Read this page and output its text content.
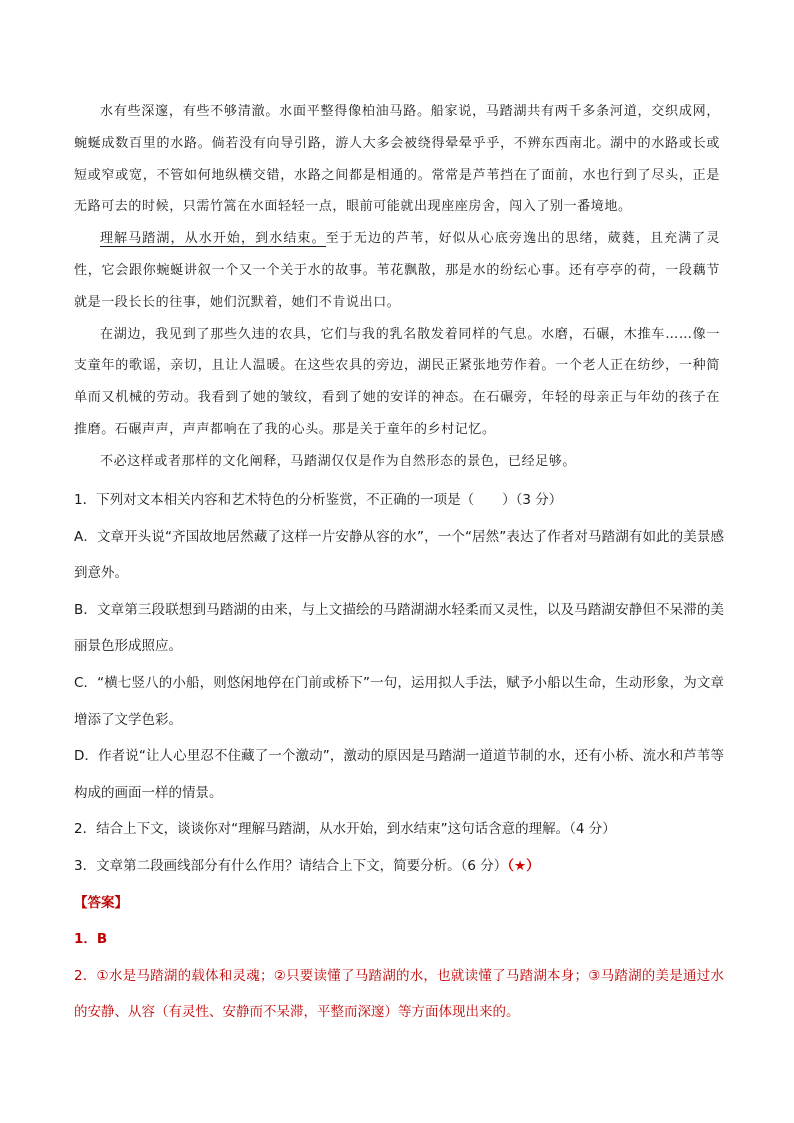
水有些深邃，有些不够清澈。水面平整得像柏油马路。船家说，马踏湖共有两千多条河道，交织成网，蜿蜒成数百里的水路。倘若没有向导引路，游人大多会被绕得晕晕乎乎，不辨东西南北。湖中的水路或长或短或窄或宽，不管如何地纵横交错，水路之间都是相通的。常常是芦苇挡在了面前，水也行到了尽头，正是无路可去的时候，只需竹篙在水面轻轻一点，眼前可能就出现座座房舍，闯入了别一番境地。

理解马踏湖，从水开始，到水结束。至于无边的芦苇，好似从心底旁逸出的思绪，葳蕤，且充满了灵性，它会跟你蜿蜒讲叙一个又一个关于水的故事。苇花飘散，那是水的纷纭心事。还有亭亭的荷，一段藕节就是一段长长的往事，她们沉默着，她们不肯说出口。

在湖边，我见到了那些久违的农具，它们与我的乳名散发着同样的气息。水磨，石碾，木推车……像一支童年的歌谣，亲切，且让人温暖。在这些农具的旁边，湖民正紧张地劳作着。一个老人正在纺纱，一种简单而又机械的劳动。我看到了她的皱纹，看到了她的安详的神态。在石碾旁，年轻的母亲正与年幼的孩子在推磨。石碾声声，声声都响在了我的心头。那是关于童年的乡村记忆。

不必这样或者那样的文化阐释，马踏湖仅仅是作为自然形态的景色，已经足够。

1．下列对文本相关内容和艺术特色的分析鉴赏，不正确的一项是（ ）（3 分）

A．文章开头说“齐国故地居然藏了这样一片安静从容的水”，一个“居然”表达了作者对马踏湖有如此的美景感到意外。

B．文章第三段联想到马踏湖的由来，与上文描绘的马踏湖湖水轻柔而又灵性，以及马踏湖安静但不呆滞的美丽景色形成照应。

C．“横七竖八的小船，则悠闲地停在门前或桥下”一句，运用拟人手法，赋予小船以生命，生动形象，为文章增添了文学色彩。

D．作者说“让人心里忍不住藏了一个激动”，激动的原因是马踏湖一道道节制的水，还有小桥、流水和芦苇等构成的画面一样的情景。

2．结合上下文，谈谈你对“理解马踏湖，从水开始，到水结束”这句话含意的理解。（4 分）

3．文章第二段画线部分有什么作用？请结合上下文，简要分析。（6 分）（★）

【答案】

1．B

2．①水是马踏湖的载体和灵魂；②只要读懂了马踏湖的水，也就读懂了马踏湖本身；③马踏湖的美是通过水的安静、从容（有灵性、安静而不呆滞，平整而深邃）等方面体现出来的。
